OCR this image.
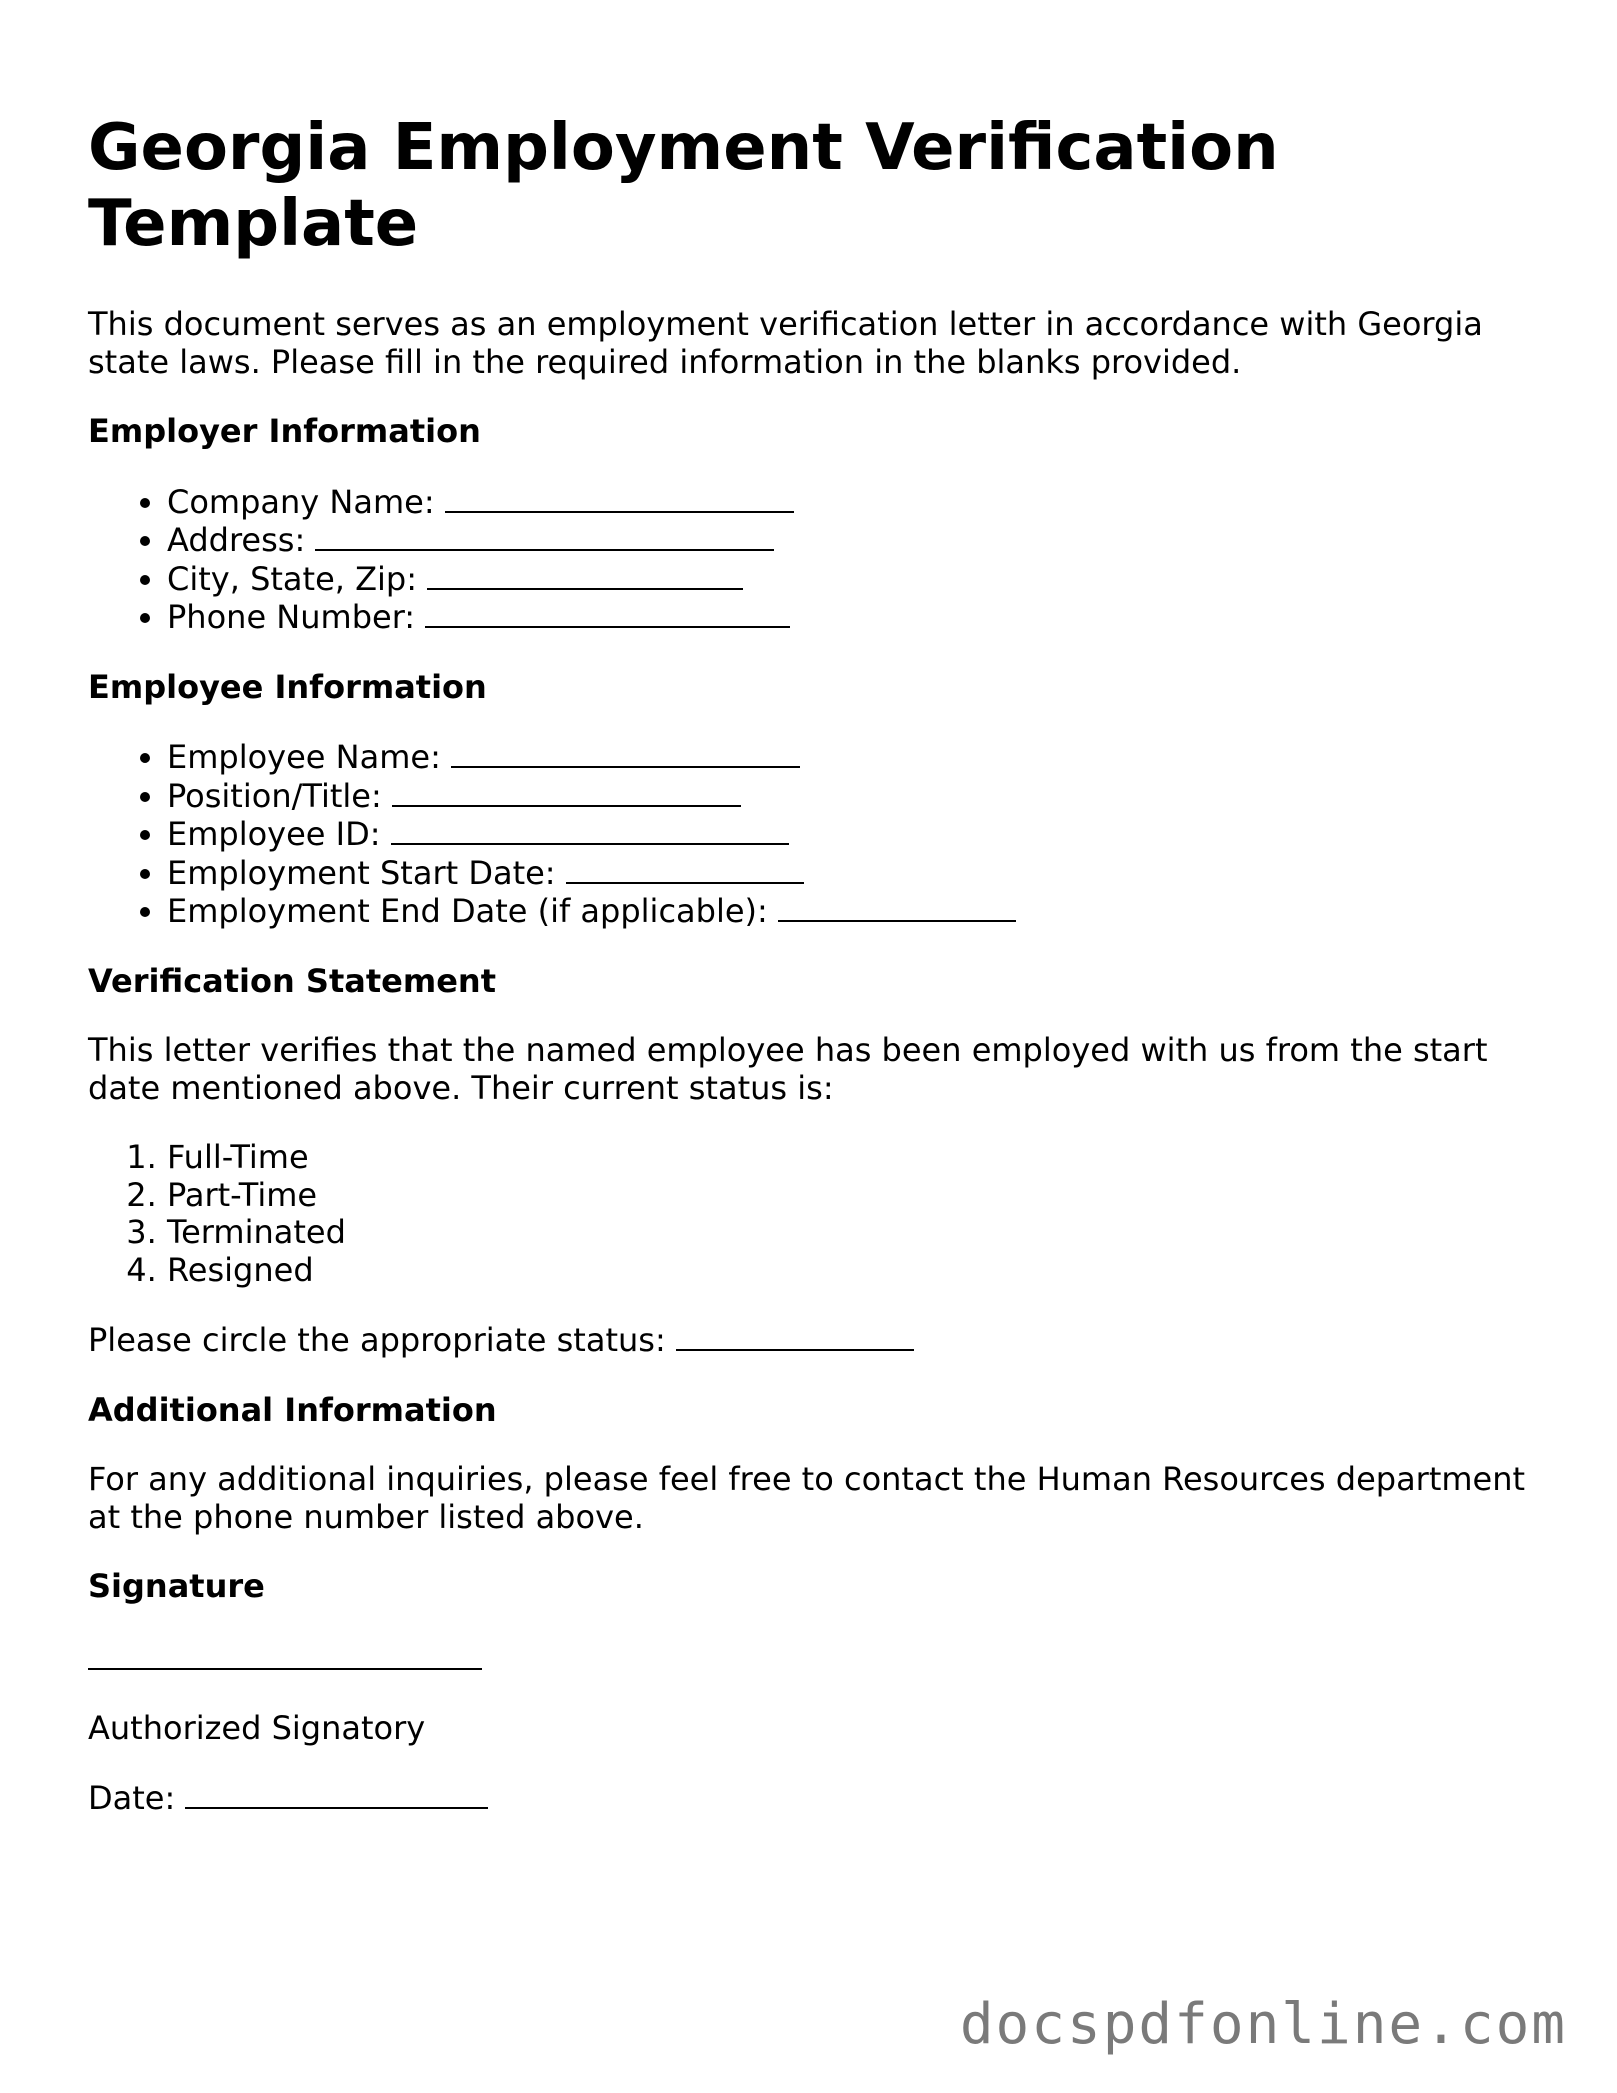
Georgia Employment Verification Template

This document serves as an employment verification letter in accordance with Georgia state laws. Please fill in the required information in the blanks provided.

Employer Information
• Company Name:
• Address:
• City, State, Zip:
• Phone Number:
Employee Information
• Employee Name:
• Position/Title:
• Employee ID:
• Employment Start Date:
• Employment End Date (if applicable):
Verification Statement

This letter verifies that the named employee has been employed with us from the start date mentioned above. Their current status is:

1. Full-Time
2. Part-Time
3. Terminated
4. Resigned

Please circle the appropriate status:

Additional Information

For any additional inquiries, please feel free to contact the Human Resources department at the phone number listed above.

Signature

Authorized Signatory

Date:

docspdfonline.com
